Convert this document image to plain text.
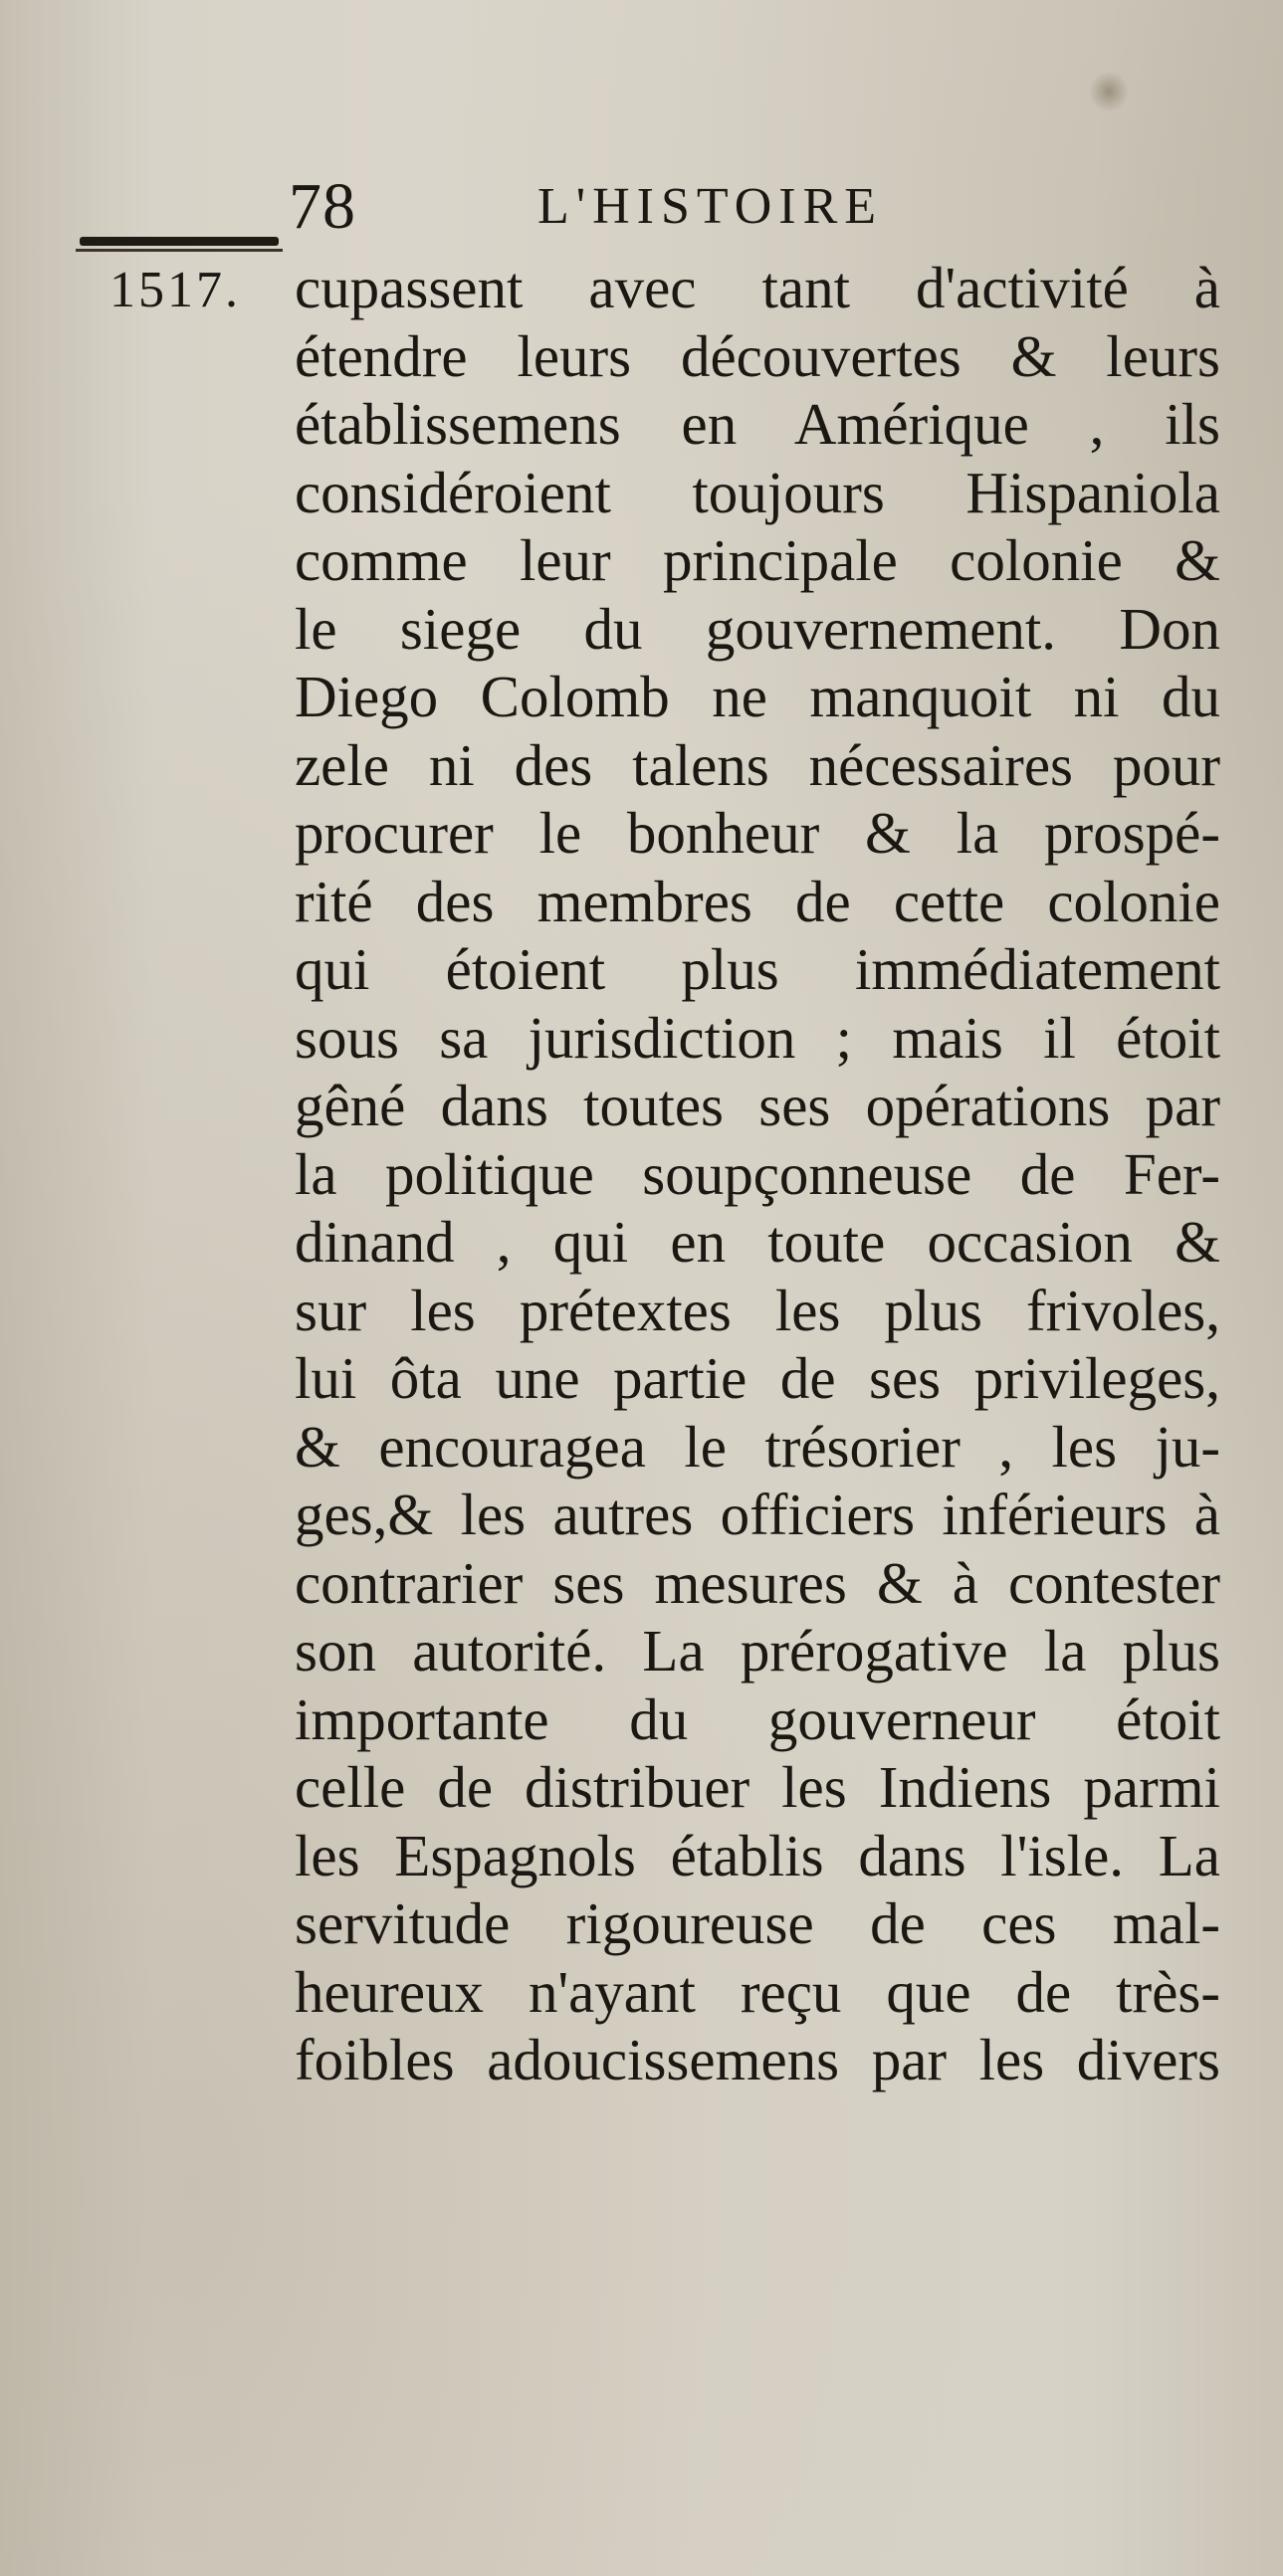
78	L'HISTOIRE
1517. cupassent avec tant d'activité à
étendre leurs découvertes & leurs
établissemens en Amérique , ils
considéroient toujours Hispaniola
comme leur principale colonie &
le siege du gouvernement. Don
Diego Colomb ne manquoit ni du
zele ni des talens nécessaires pour
procurer le bonheur & la prospé-
rité des membres de cette colonie
qui étoient plus immédiatement
sous sa jurisdiction ; mais il étoit
gêné dans toutes ses opérations par
la politique soupçonneuse de Fer-
dinand , qui en toute occasion &
sur les prétextes les plus frivoles,
lui ôta une partie de ses privileges,
& encouragea le trésorier , les ju-
ges,& les autres officiers inférieurs à
contrarier ses mesures & à contester
son autorité. La prérogative la plus
importante du gouverneur étoit
celle de distribuer les Indiens parmi
les Espagnols établis dans l'isle. La
servitude rigoureuse de ces mal-
heureux n'ayant reçu que de très-
foibles adoucissemens par les divers
